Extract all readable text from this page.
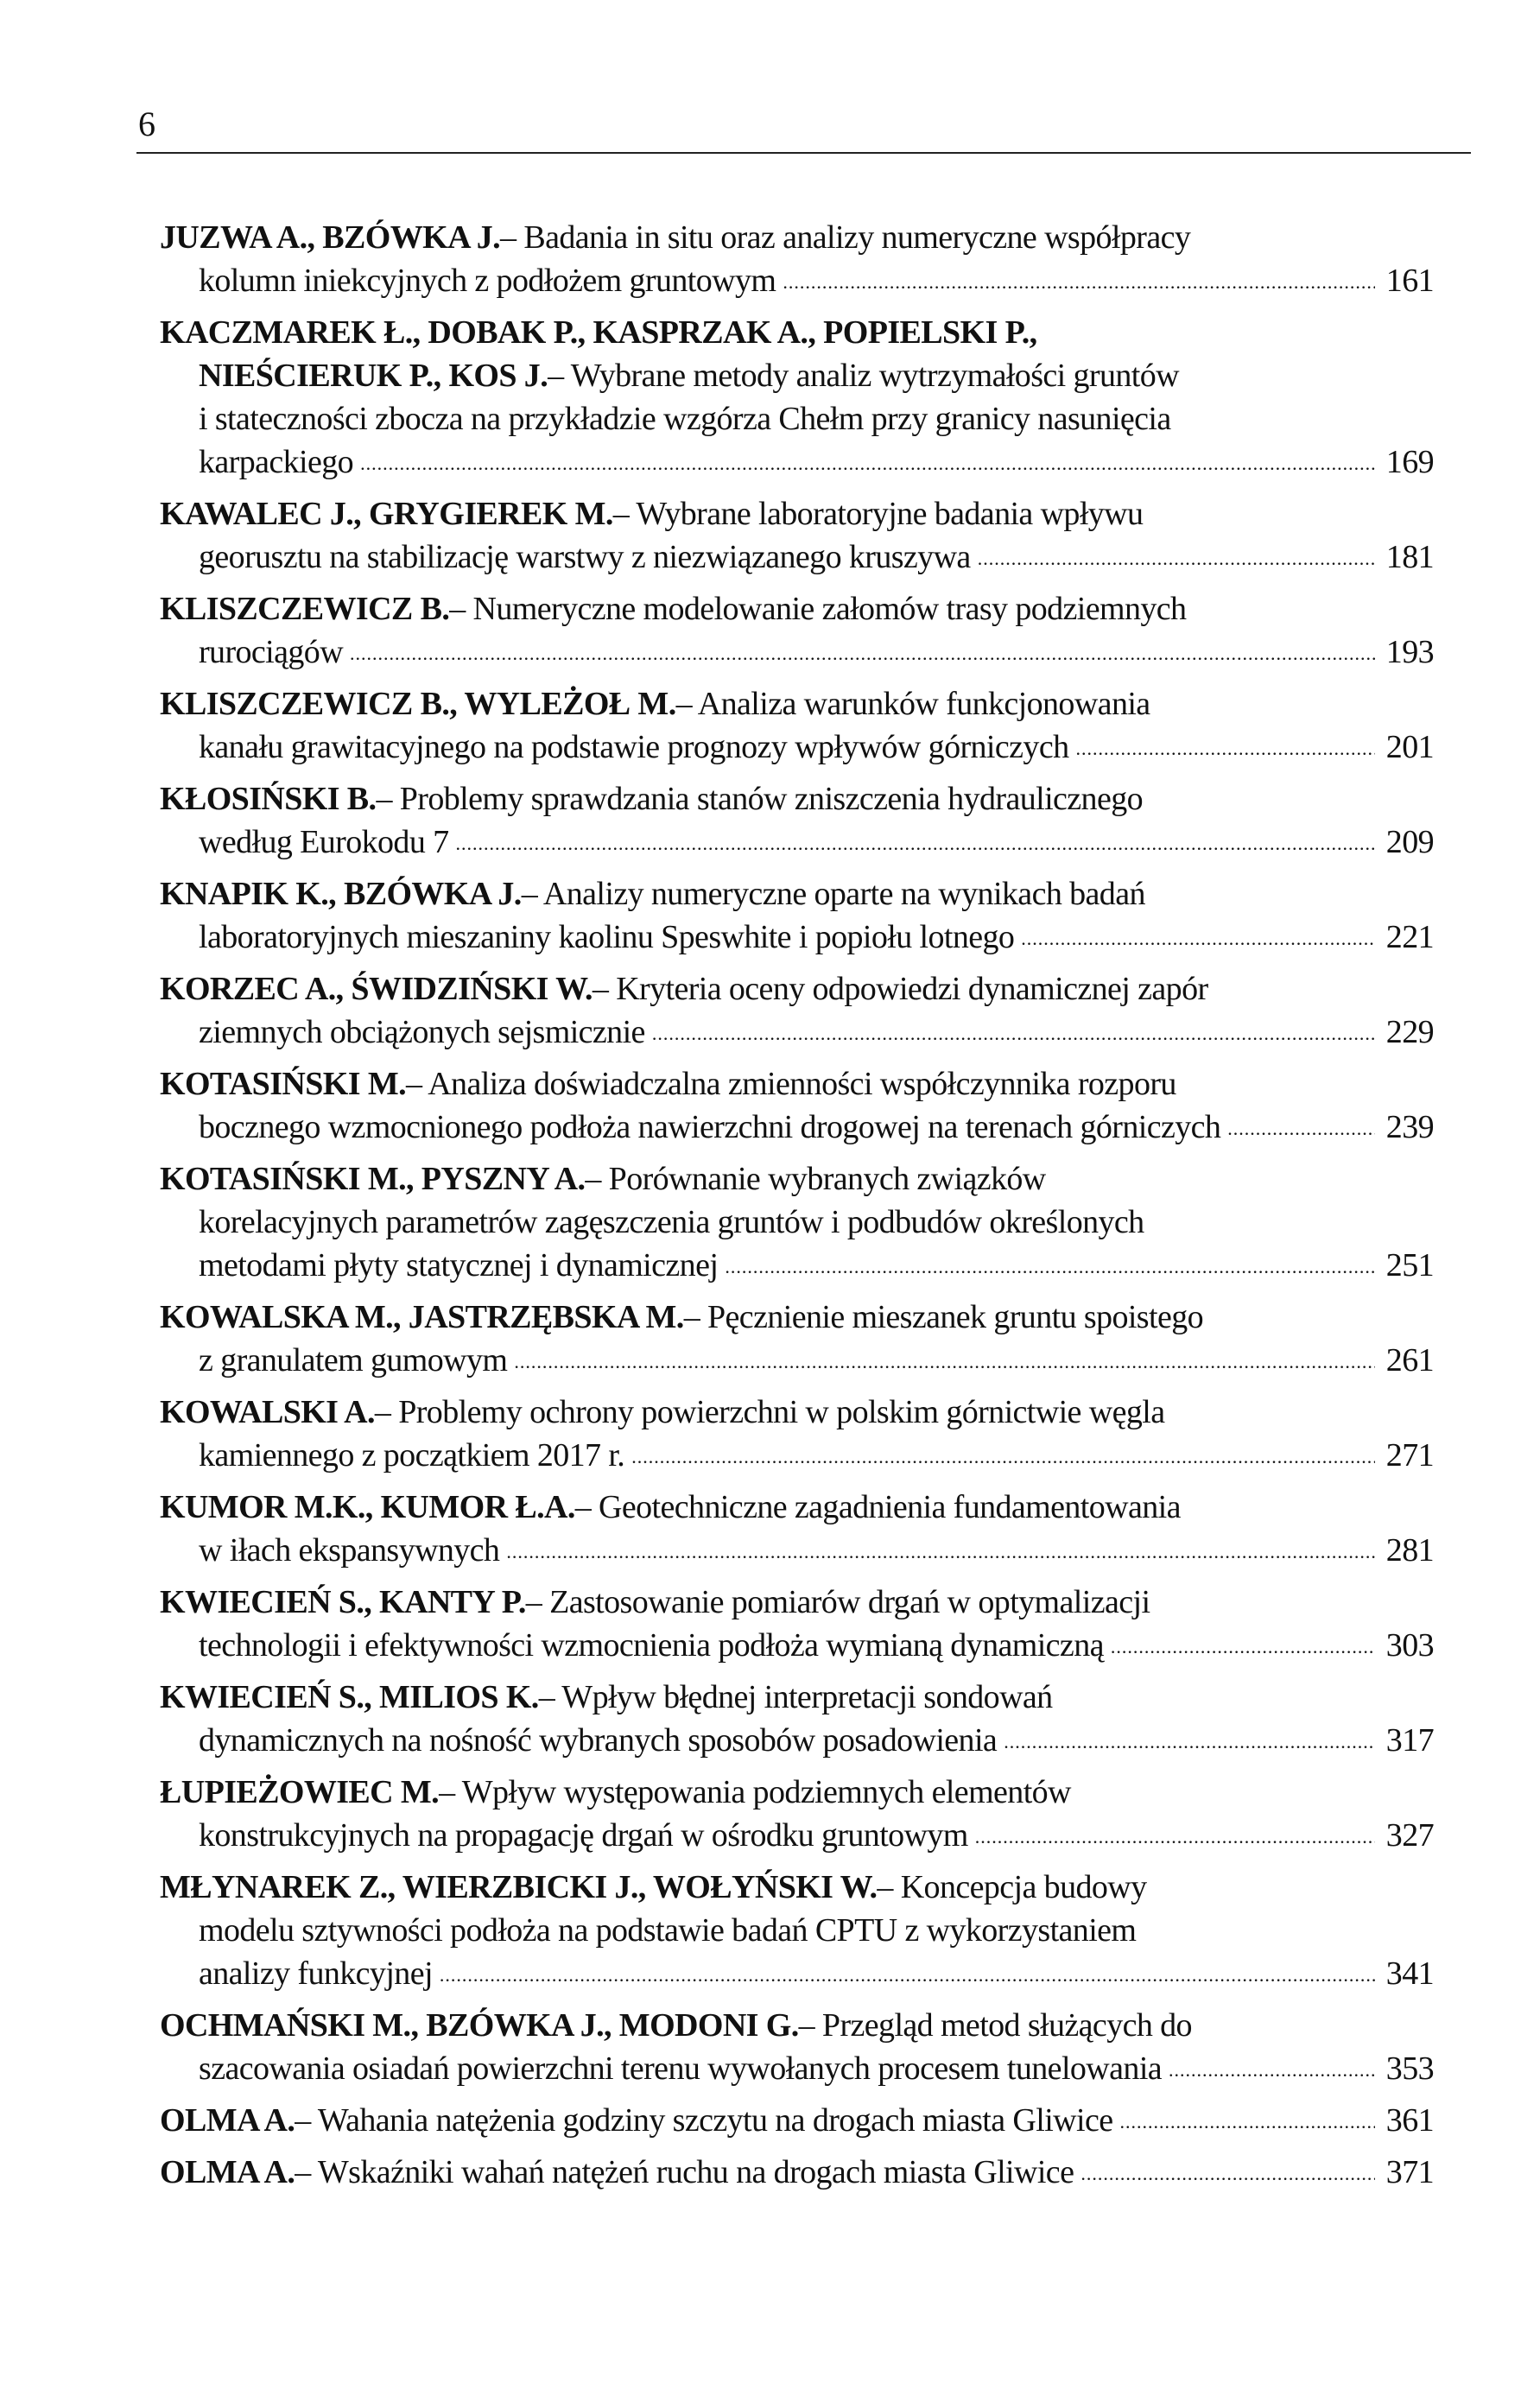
6
JUZWA A., BZÓWKA J. – Badania in situ oraz analizy numeryczne współpracy
kolumn iniekcyjnych z podłożem gruntowym .....	161
KACZMAREK Ł., DOBAK P., KASPRZAK A., POPIELSKI P.,
NIEŚCIERUK P., KOS J. – Wybrane metody analiz wytrzymałości gruntów
i stateczności zbocza na przykładzie wzgórza Chełm przy granicy nasunięcia
karpackiego .....	169
KAWALEC J., GRYGIEREK M. – Wybrane laboratoryjne badania wpływu
georusztu na stabilizację warstwy z niezwiązanego kruszywa .....	181
KLISZCZEWICZ B. – Numeryczne modelowanie załomów trasy podziemnych
rurociągów .....	193
KLISZCZEWICZ B., WYLEŻOŁ M. – Analiza warunków funkcjonowania
kanału grawitacyjnego na podstawie prognozy wpływów górniczych .....	201
KŁOSIŃSKI B. – Problemy sprawdzania stanów zniszczenia hydraulicznego
według Eurokodu 7 .....	209
KNAPIK K., BZÓWKA J. – Analizy numeryczne oparte na wynikach badań
laboratoryjnych mieszaniny kaolinu Speswhite i popiołu lotnego .....	221
KORZEC A., ŚWIDZIŃSKI W. – Kryteria oceny odpowiedzi dynamicznej zapór
ziemnych obciążonych sejsmicznie .....	229
KOTASIŃSKI M. – Analiza doświadczalna zmienności współczynnika rozporu
bocznego wzmocnionego podłoża nawierzchni drogowej na terenach górniczych .....	239
KOTASIŃSKI M., PYSZNY A. – Porównanie wybranych związków
korelacyjnych parametrów zagęszczenia gruntów i podbudów określonych
metodami płyty statycznej i dynamicznej .....	251
KOWALSKA M., JASTRZĘBSKA M. – Pęcznienie mieszanek gruntu spoistego
z granulatem gumowym .....	261
KOWALSKI A. – Problemy ochrony powierzchni w polskim górnictwie węgla
kamiennego z początkiem 2017 r. .....	271
KUMOR M.K., KUMOR Ł.A. – Geotechniczne zagadnienia fundamentowania
w iłach ekspansywnych .....	281
KWIECIEŃ S., KANTY P. – Zastosowanie pomiarów drgań w optymalizacji
technologii i efektywności wzmocnienia podłoża wymianą dynamiczną .....	303
KWIECIEŃ S., MILIOS K. – Wpływ błędnej interpretacji sondowań
dynamicznych na nośność wybranych sposobów posadowienia .....	317
ŁUPIEŻOWIEC M. – Wpływ występowania podziemnych elementów
konstrukcyjnych na propagację drgań w ośrodku gruntowym .....	327
MŁYNAREK Z., WIERZBICKI J., WOŁYŃSKI W. – Koncepcja budowy
modelu sztywności podłoża na podstawie badań CPTU z wykorzystaniem
analizy funkcyjnej .....	341
OCHMAŃSKI M., BZÓWKA J., MODONI G. – Przegląd metod służących do
szacowania osiadań powierzchni terenu wywołanych procesem tunelowania .....	353
OLMA A. – Wahania natężenia godziny szczytu na drogach miasta Gliwice .....	361
OLMA A. – Wskaźniki wahań natężeń ruchu na drogach miasta Gliwice .....	371
